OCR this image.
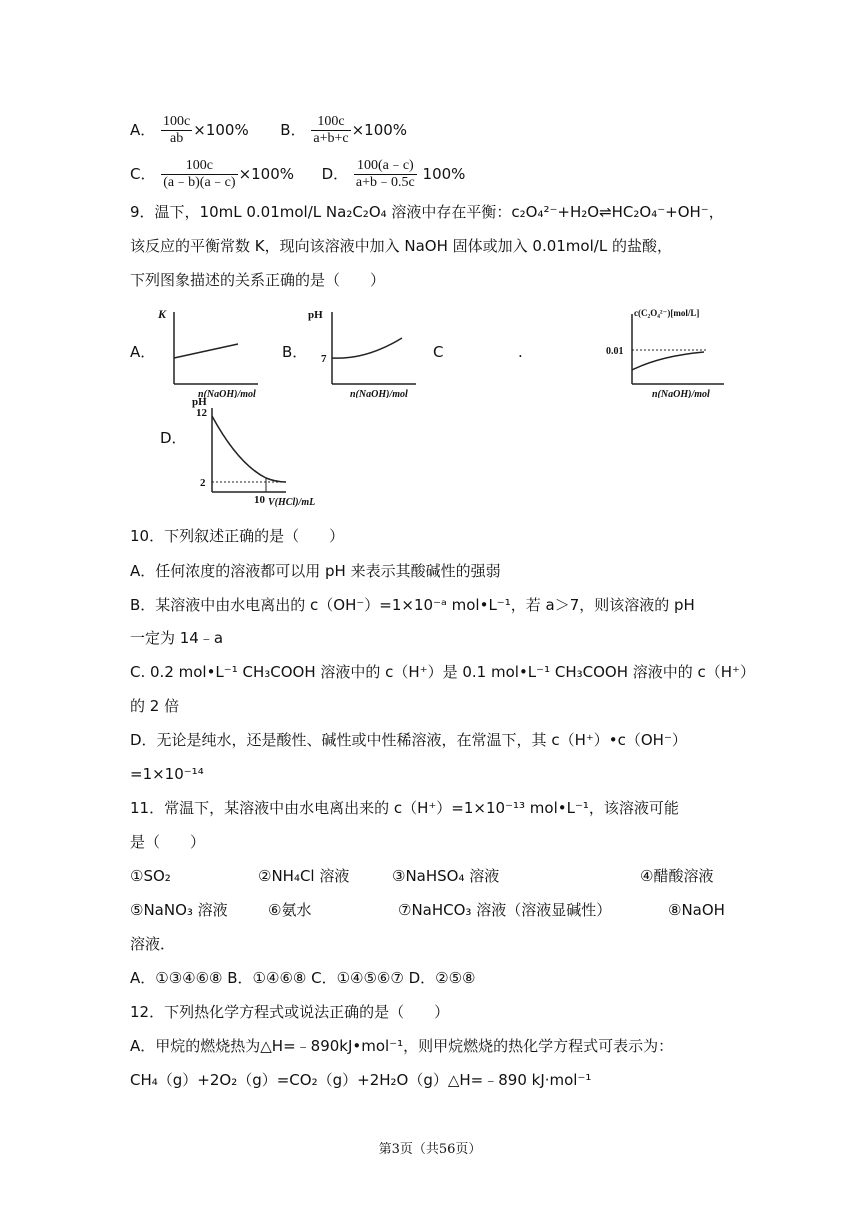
A． $\frac{100c}{ab} \times 100\%$ B． $\frac{100c}{a+b+c} \times 100\%$
C． $\frac{100c}{(a﹣b)(a﹣c)} \times 100\%$ D． $\frac{100(a﹣c)}{a+b﹣0.5c} 100\%$
9．温下，10mL 0.01mol/L Na₂C₂O₄ 溶液中存在平衡：c₂O₄²⁻+H₂O⇌HC₂O₄⁻+OH⁻，
该反应的平衡常数 K，现向该溶液中加入 NaOH 固体或加入 0.01mol/L 的盐酸，
下列图象描述的关系正确的是（　　）
A．
K
n(NaOH)/mol
B．
pH
7
n(NaOH)/mol
C	.
c(C₂O₄²⁻)[mol/L]
0.01
n(NaOH)/mol
D．
pH
12
2
10 V(HCl)/mL
10．下列叙述正确的是（　　）
A．任何浓度的溶液都可以用 pH 来表示其酸碱性的强弱
B．某溶液中由水电离出的 c（OH⁻）=1×10⁻ᵃ mol•L⁻¹，若 a＞7，则该溶液的 pH
一定为 14﹣a
C. 0.2 mol•L⁻¹ CH₃COOH 溶液中的 c（H⁺）是 0.1 mol•L⁻¹ CH₃COOH 溶液中的 c（H⁺）
的 2 倍
D．无论是纯水，还是酸性、碱性或中性稀溶液，在常温下，其 c（H⁺）•c（OH⁻）
=1×10⁻¹⁴
11．常温下，某溶液中由水电离出来的 c（H⁺）=1×10⁻¹³ mol•L⁻¹，该溶液可能
是（　　）
①SO₂	②NH₄Cl 溶液	③NaHSO₄ 溶液	④醋酸溶液
⑤NaNO₃ 溶液	⑥氨水	⑦NaHCO₃ 溶液（溶液显碱性）	⑧NaOH
溶液．
A．①③④⑥⑧ B．①④⑥⑧ C．①④⑤⑥⑦ D．②⑤⑧
12．下列热化学方程式或说法正确的是（　　）
A．甲烷的燃烧热为△H=﹣890kJ•mol⁻¹，则甲烷燃烧的热化学方程式可表示为：
CH₄（g）+2O₂（g）=CO₂（g）+2H₂O（g）△H=﹣890 kJ·mol⁻¹
第3页（共56页）
